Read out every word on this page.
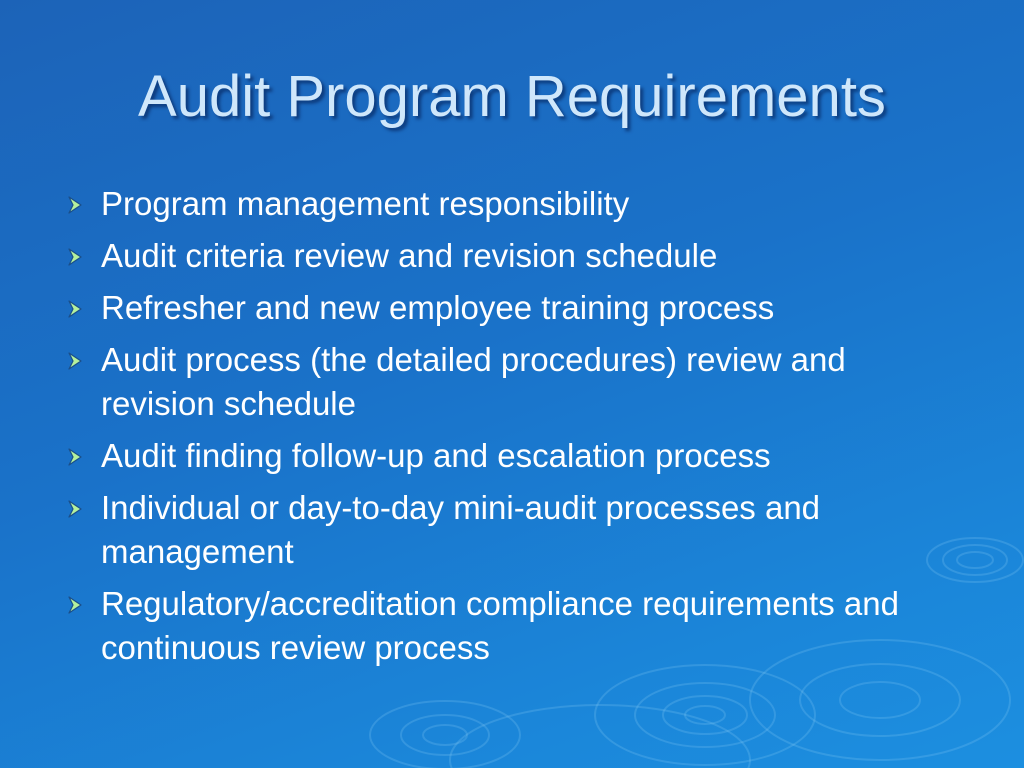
Audit Program Requirements
Program management responsibility
Audit criteria review and revision schedule
Refresher and new employee training process
Audit process (the detailed procedures) review and revision schedule
Audit finding follow-up and escalation process
Individual or day-to-day mini-audit processes and management
Regulatory/accreditation compliance requirements and continuous review process
